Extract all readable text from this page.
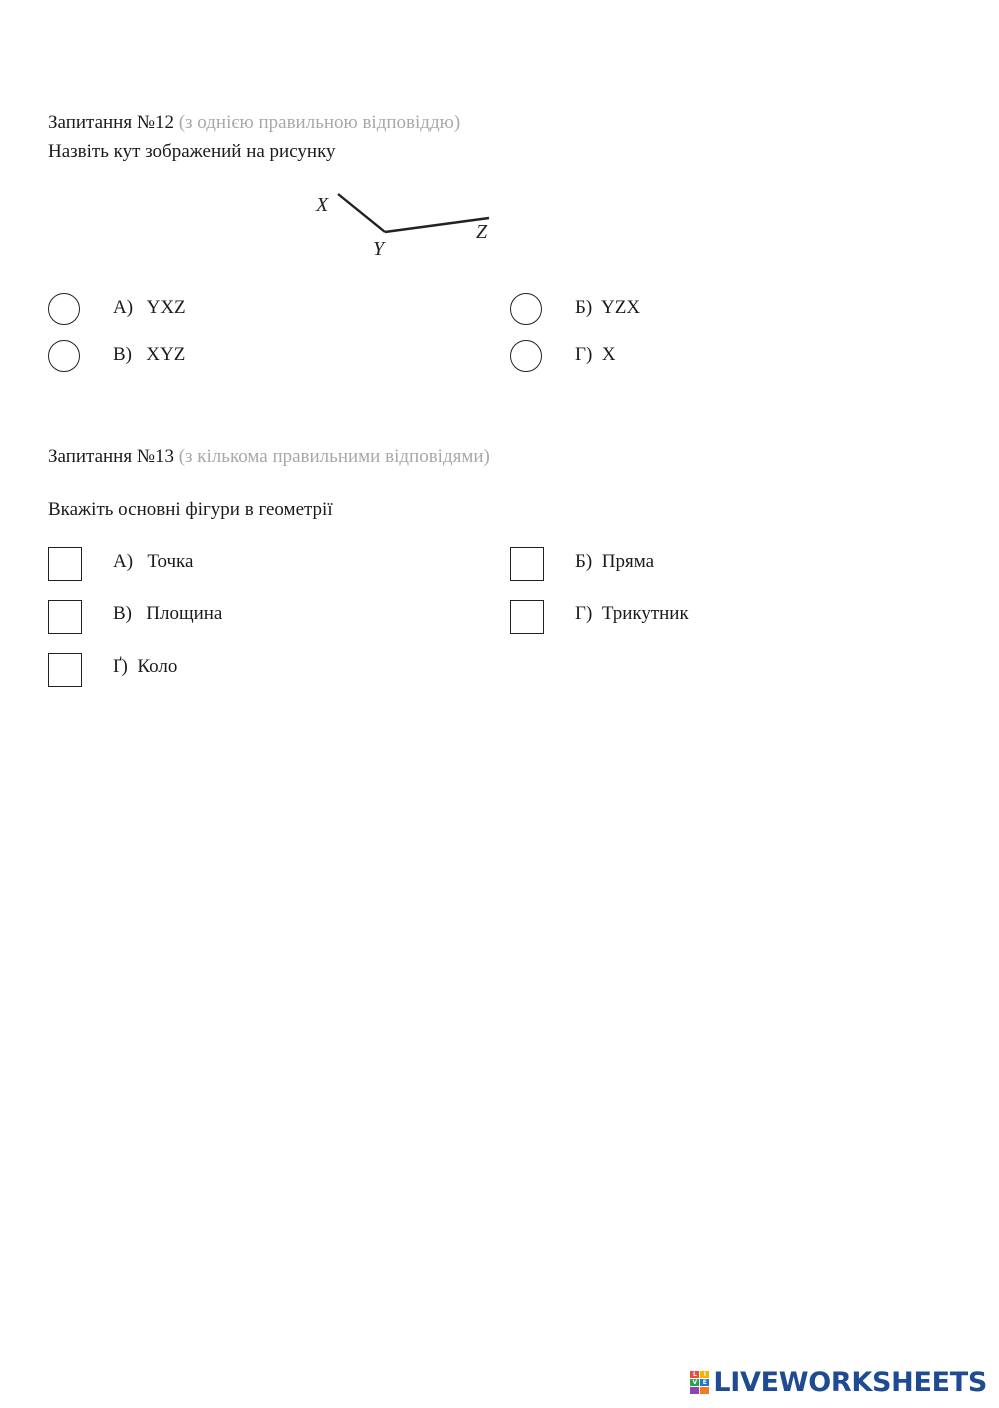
Запитання №12 (з однією правильною відповіддю)
Назвіть кут зображений на рисунку
X
Y
Z
А) YXZ	Б) YZX
В) XYZ	Г) X
Запитання №13 (з кількома правильними відповідями)
Вкажіть основні фігури в геометрії
А) Точка	Б) Пряма
В) Площина	Г) Трикутник
Ґ) Коло
L	I
V E LIVEWORKSHEETS
